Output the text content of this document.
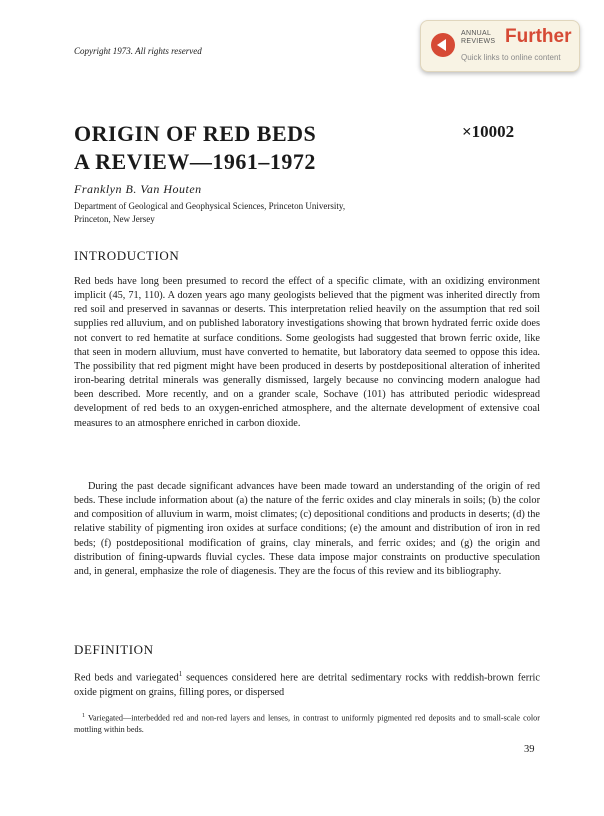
Copyright 1973. All rights reserved
ANNUAL
REVIEWS Further
Quick links to online content
ORIGIN OF RED BEDS
A REVIEW—1961–1972
×10002
Franklyn B. Van Houten
Department of Geological and Geophysical Sciences, Princeton University,
Princeton, New Jersey
INTRODUCTION

Red beds have long been presumed to record the effect of a specific climate, with an oxidizing environment implicit (45, 71, 110). A dozen years ago many geologists believed that the pigment was inherited directly from red soil and preserved in savannas or deserts. This interpretation relied heavily on the assumption that red soil supplies red alluvium, and on published laboratory investigations showing that brown hydrated ferric oxide does not convert to red hematite at surface conditions. Some geologists had suggested that brown ferric oxide, like that seen in modern alluvium, must have converted to hematite, but laboratory data seemed to oppose this idea. The possibility that red pigment might have been produced in deserts by postdepositional alteration of inherited iron-bearing detrital minerals was generally dismissed, largely because no convincing modern analogue had been described. More recently, and on a grander scale, Sochave (101) has attributed periodic widespread development of red beds to an oxygen-enriched atmosphere, and the alternate development of extensive coal measures to an atmosphere enriched in carbon dioxide.

During the past decade significant advances have been made toward an understanding of the origin of red beds. These include information about (a) the nature of the ferric oxides and clay minerals in soils; (b) the color and composition of alluvium in warm, moist climates; (c) depositional conditions and products in deserts; (d) the relative stability of pigmenting iron oxides at surface conditions; (e) the amount and distribution of iron in red beds; (f) postdepositional modification of grains, clay minerals, and ferric oxides; and (g) the origin and distribution of fining-upwards fluvial cycles. These data impose major constraints on productive speculation and, in general, emphasize the role of diagenesis. They are the focus of this review and its bibliography.

DEFINITION

Red beds and variegated$^1$ sequences considered here are detrital sedimentary rocks with reddish-brown ferric oxide pigment on grains, filling pores, or dispersed

$^1$ Variegated—interbedded red and non-red layers and lenses, in contrast to uniformly pigmented red deposits and to small-scale color mottling within beds.

39
